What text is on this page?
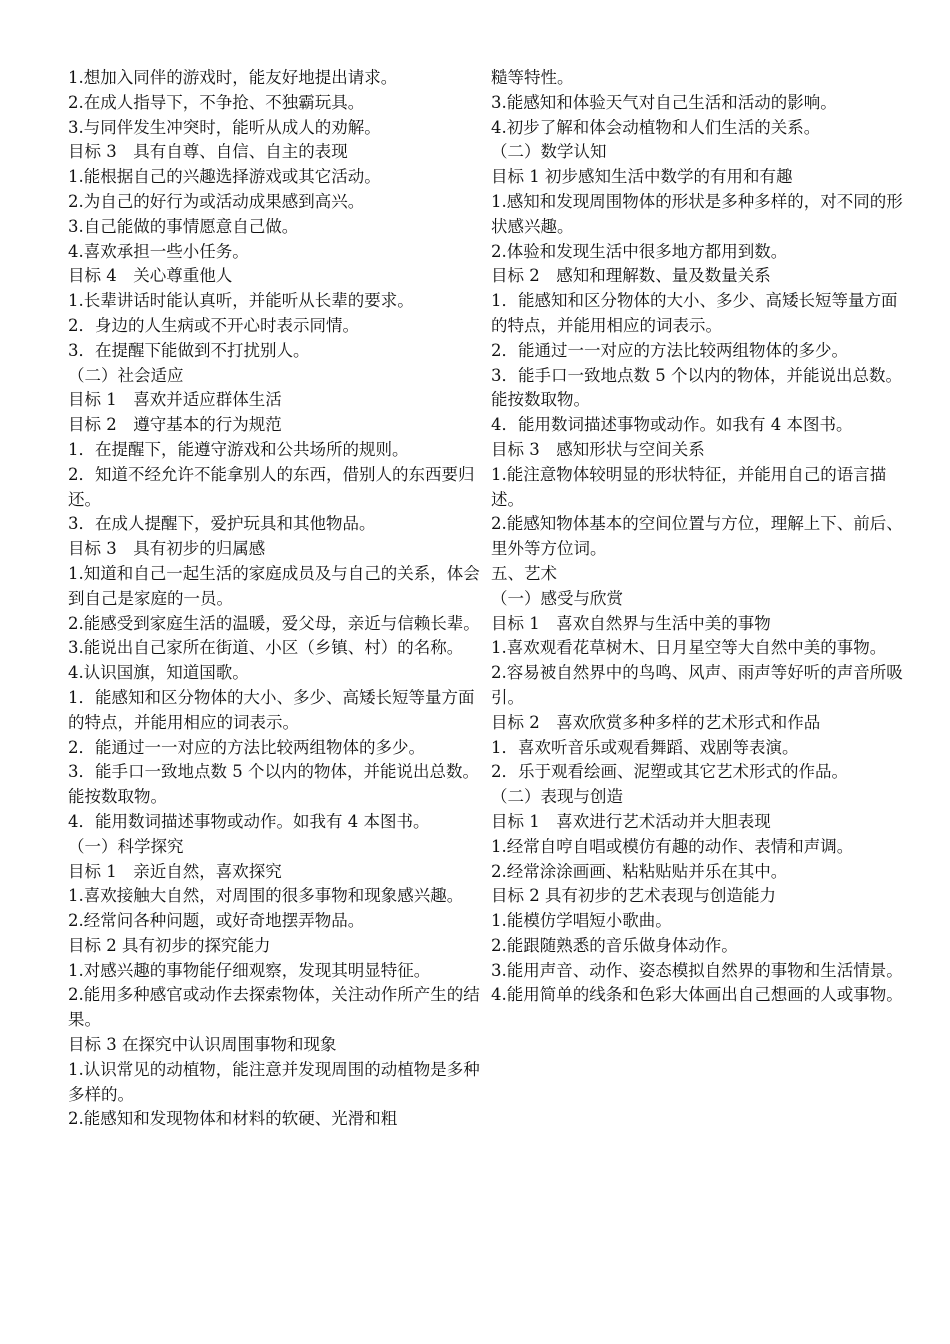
1.想加入同伴的游戏时，能友好地提出请求。
2.在成人指导下，不争抢、不独霸玩具。
3.与同伴发生冲突时，能听从成人的劝解。
目标 3　具有自尊、自信、自主的表现
1.能根据自己的兴趣选择游戏或其它活动。
2.为自己的好行为或活动成果感到高兴。
3.自己能做的事情愿意自己做。
4.喜欢承担一些小任务。
目标 4　关心尊重他人
1.长辈讲话时能认真听，并能听从长辈的要求。
2．身边的人生病或不开心时表示同情。
3．在提醒下能做到不打扰别人。
（二）社会适应
目标 1　喜欢并适应群体生活
目标 2　遵守基本的行为规范
1．在提醒下，能遵守游戏和公共场所的规则。
2．知道不经允许不能拿别人的东西，借别人的东西要归还。
3．在成人提醒下，爱护玩具和其他物品。
目标 3　具有初步的归属感
1.知道和自己一起生活的家庭成员及与自己的关系，体会到自己是家庭的一员。
2.能感受到家庭生活的温暖，爱父母，亲近与信赖长辈。
3.能说出自己家所在街道、小区（乡镇、村）的名称。
4.认识国旗，知道国歌。
1．能感知和区分物体的大小、多少、高矮长短等量方面的特点，并能用相应的词表示。
2．能通过一一对应的方法比较两组物体的多少。
3．能手口一致地点数 5 个以内的物体，并能说出总数。能按数取物。
4．能用数词描述事物或动作。如我有 4 本图书。
（一）科学探究
目标 1　亲近自然，喜欢探究
1.喜欢接触大自然，对周围的很多事物和现象感兴趣。
2.经常问各种问题，或好奇地摆弄物品。
目标 2 具有初步的探究能力
1.对感兴趣的事物能仔细观察，发现其明显特征。
2.能用多种感官或动作去探索物体，关注动作所产生的结果。
目标 3 在探究中认识周围事物和现象
1.认识常见的动植物，能注意并发现周围的动植物是多种多样的。
2.能感知和发现物体和材料的软硬、光滑和粗
糙等特性。
3.能感知和体验天气对自己生活和活动的影响。
4.初步了解和体会动植物和人们生活的关系。
（二）数学认知
目标 1 初步感知生活中数学的有用和有趣
1.感知和发现周围物体的形状是多种多样的，对不同的形状感兴趣。
2.体验和发现生活中很多地方都用到数。
目标 2　感知和理解数、量及数量关系
1．能感知和区分物体的大小、多少、高矮长短等量方面的特点，并能用相应的词表示。
2．能通过一一对应的方法比较两组物体的多少。
3．能手口一致地点数 5 个以内的物体，并能说出总数。能按数取物。
4．能用数词描述事物或动作。如我有 4 本图书。
目标 3　感知形状与空间关系
1.能注意物体较明显的形状特征，并能用自己的语言描述。
2.能感知物体基本的空间位置与方位，理解上下、前后、里外等方位词。
五、艺术
（一）感受与欣赏
目标 1　喜欢自然界与生活中美的事物
1.喜欢观看花草树木、日月星空等大自然中美的事物。
2.容易被自然界中的鸟鸣、风声、雨声等好听的声音所吸引。
目标 2　喜欢欣赏多种多样的艺术形式和作品
1．喜欢听音乐或观看舞蹈、戏剧等表演。
2．乐于观看绘画、泥塑或其它艺术形式的作品。
（二）表现与创造
目标 1　喜欢进行艺术活动并大胆表现
1.经常自哼自唱或模仿有趣的动作、表情和声调。
2.经常涂涂画画、粘粘贴贴并乐在其中。
目标 2 具有初步的艺术表现与创造能力
1.能模仿学唱短小歌曲。
2.能跟随熟悉的音乐做身体动作。
3.能用声音、动作、姿态模拟自然界的事物和生活情景。
4.能用简单的线条和色彩大体画出自己想画的人或事物。
